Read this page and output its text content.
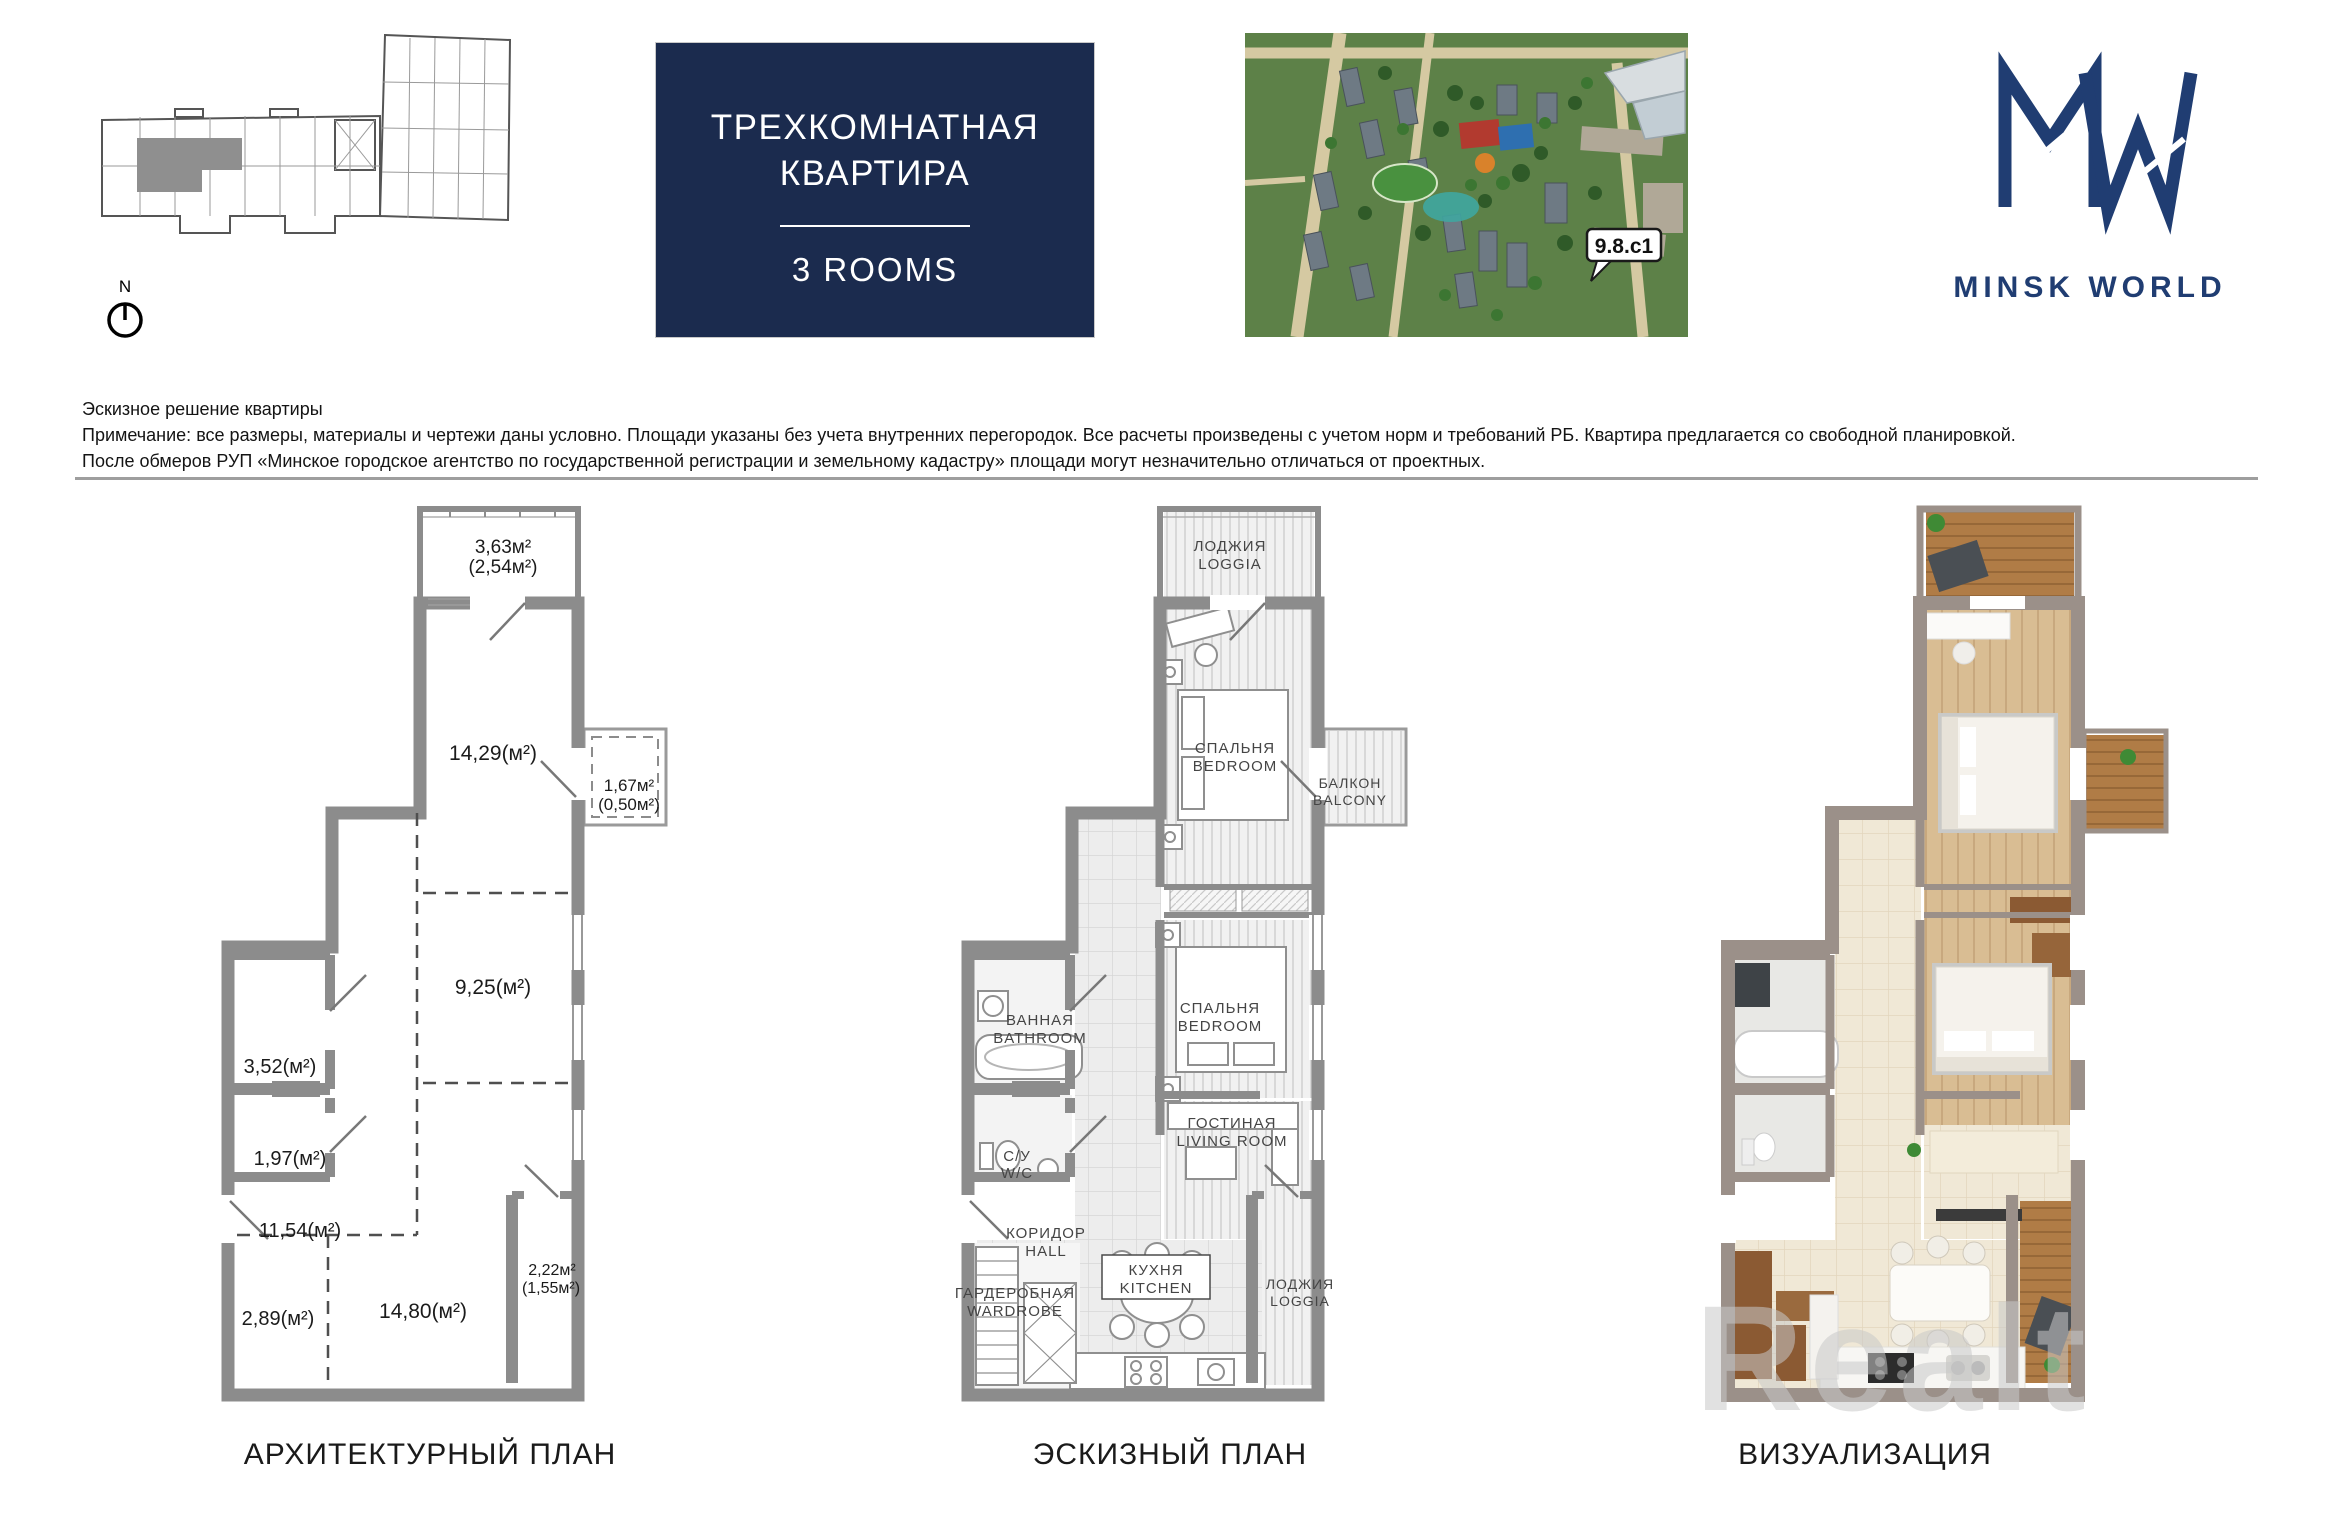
N
ТРЕХКОМНАТНАЯ
КВАРТИРА
3 ROOMS
9.8.с1
MINSK WORLD
Эскизное решение квартиры
Примечание: все размеры, материалы и чертежи даны условно. Площади указаны без учета внутренних перегородок. Все расчеты произведены с учетом норм и требований РБ. Квартира предлагается со свободной планировкой.
После обмеров РУП «Минское городское агентство по государственной регистрации и земельному кадастру» площади могут незначительно отличаться от проектных.
3,63м²
(2,54м²)
14,29(м²)
1,67м²
(0,50м²)
9,25(м²)
3,52(м²)
1,97(м²)
11,54(м²)
2,89(м²)	14,80(м²)
2,22м²
(1,55м²)
ЛОДЖИЯ
LOGGIA
СПАЛЬНЯ
BEDROOM
БАЛКОН
BALCONY
СПАЛЬНЯ
BEDROOM
ВАННАЯ
BATHROOM
ГОСТИНАЯ
LIVING ROOM
С/У
W/C
КОРИДОР
HALL
КУХНЯ
KITCHEN
ГАРДЕРОБНАЯ
WARDROBE
ЛОДЖИЯ
LOGGIA
АРХИТЕКТУРНЫЙ ПЛАН	ЭСКИЗНЫЙ ПЛАН	ВИЗУАЛИЗАЦИЯ
Realt
